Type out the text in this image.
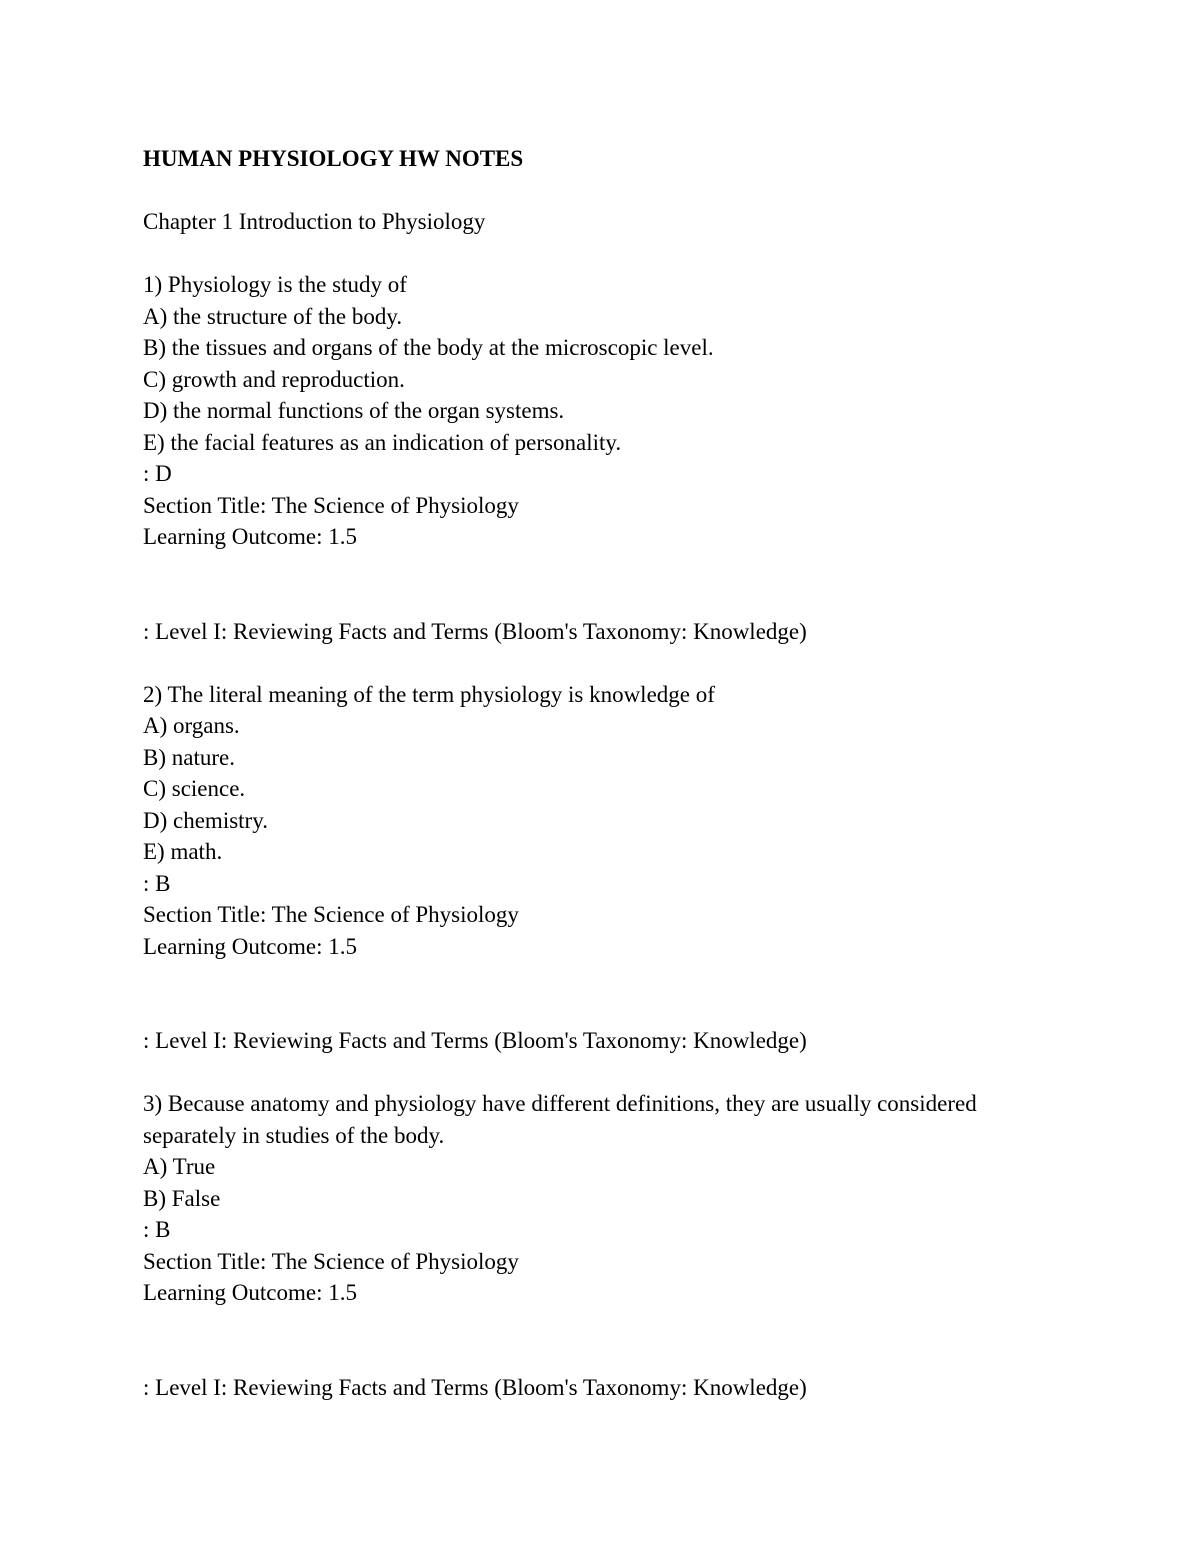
HUMAN PHYSIOLOGY HW NOTES
Chapter 1 Introduction to Physiology
1) Physiology is the study of
A) the structure of the body.
B) the tissues and organs of the body at the microscopic level.
C) growth and reproduction.
D) the normal functions of the organ systems.
E) the facial features as an indication of personality.
: D
Section Title: The Science of Physiology
Learning Outcome: 1.5
: Level I: Reviewing Facts and Terms (Bloom's Taxonomy: Knowledge)
2) The literal meaning of the term physiology is knowledge of
A) organs.
B) nature.
C) science.
D) chemistry.
E) math.
: B
Section Title: The Science of Physiology
Learning Outcome: 1.5
: Level I: Reviewing Facts and Terms (Bloom's Taxonomy: Knowledge)
3) Because anatomy and physiology have different definitions, they are usually considered separately in studies of the body.
A) True
B) False
: B
Section Title: The Science of Physiology
Learning Outcome: 1.5
: Level I: Reviewing Facts and Terms (Bloom's Taxonomy: Knowledge)
